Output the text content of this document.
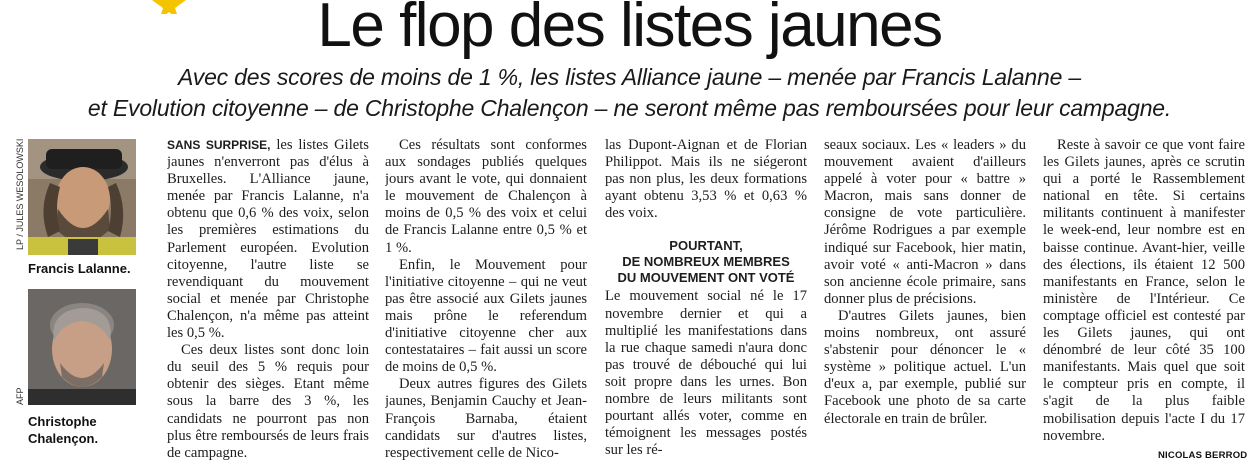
Le flop des listes jaunes
Avec des scores de moins de 1 %, les listes Alliance jaune – menée par Francis Lalanne –
et Evolution citoyenne – de Christophe Chalençon – ne seront même pas remboursées pour leur campagne.
LP / JULES WESOLOWSKI
Francis Lalanne.
AFP
Christophe Chalençon.

SANS SURPRISE, les listes Gilets jaunes n'enverront pas d'élus à Bruxelles. L'Alliance jaune, menée par Francis Lalanne, n'a obtenu que 0,6 % des voix, selon les premières estimations du Parlement européen. Evolution citoyenne, l'autre liste se revendiquant du mouvement social et menée par Christophe Chalençon, n'a même pas atteint les 0,5 %.

Ces deux listes sont donc loin du seuil des 5 % requis pour obtenir des sièges. Etant même sous la barre des 3 %, les candidats ne pourront pas non plus être remboursés de leurs frais de campagne.

Ces résultats sont conformes aux sondages publiés quelques jours avant le vote, qui donnaient le mouvement de Chalençon à moins de 0,5 % des voix et celui de Francis Lalanne entre 0,5 % et 1 %.

Enfin, le Mouvement pour l'initiative citoyenne – qui ne veut pas être associé aux Gilets jaunes mais prône le referendum d'initiative citoyenne cher aux contestataires – fait aussi un score de moins de 0,5 %.

Deux autres figures des Gilets jaunes, Benjamin Cauchy et Jean-François Barnaba, étaient candidats sur d'autres listes, respectivement celle de Nico-

las Dupont-Aignan et de Florian Philippot. Mais ils ne siégeront pas non plus, les deux formations ayant obtenu 3,53 % et 0,63 % des voix.

POURTANT,
DE NOMBREUX MEMBRES
DU MOUVEMENT ONT VOTÉ

Le mouvement social né le 17 novembre dernier et qui a multiplié les manifestations dans la rue chaque samedi n'aura donc pas trouvé de débouché qui lui soit propre dans les urnes. Bon nombre de leurs militants sont pourtant allés voter, comme en témoignent les messages postés sur les ré-

seaux sociaux. Les « leaders » du mouvement avaient d'ailleurs appelé à voter pour « battre » Macron, mais sans donner de consigne de vote particulière. Jérôme Rodrigues a par exemple indiqué sur Facebook, hier matin, avoir voté « anti-Macron » dans son ancienne école primaire, sans donner plus de précisions.

D'autres Gilets jaunes, bien moins nombreux, ont assuré s'abstenir pour dénoncer le « système » politique actuel. L'un d'eux a, par exemple, publié sur Facebook une photo de sa carte électorale en train de brûler.

Reste à savoir ce que vont faire les Gilets jaunes, après ce scrutin qui a porté le Rassemblement national en tête. Si certains militants continuent à manifester le week-end, leur nombre est en baisse continue. Avant-hier, veille des élections, ils étaient 12 500 manifestants en France, selon le ministère de l'Intérieur. Ce comptage officiel est contesté par les Gilets jaunes, qui ont dénombré de leur côté 35 100 manifestants. Mais quel que soit le compteur pris en compte, il s'agit de la plus faible mobilisation depuis l'acte I du 17 novembre.

NICOLAS BERROD
